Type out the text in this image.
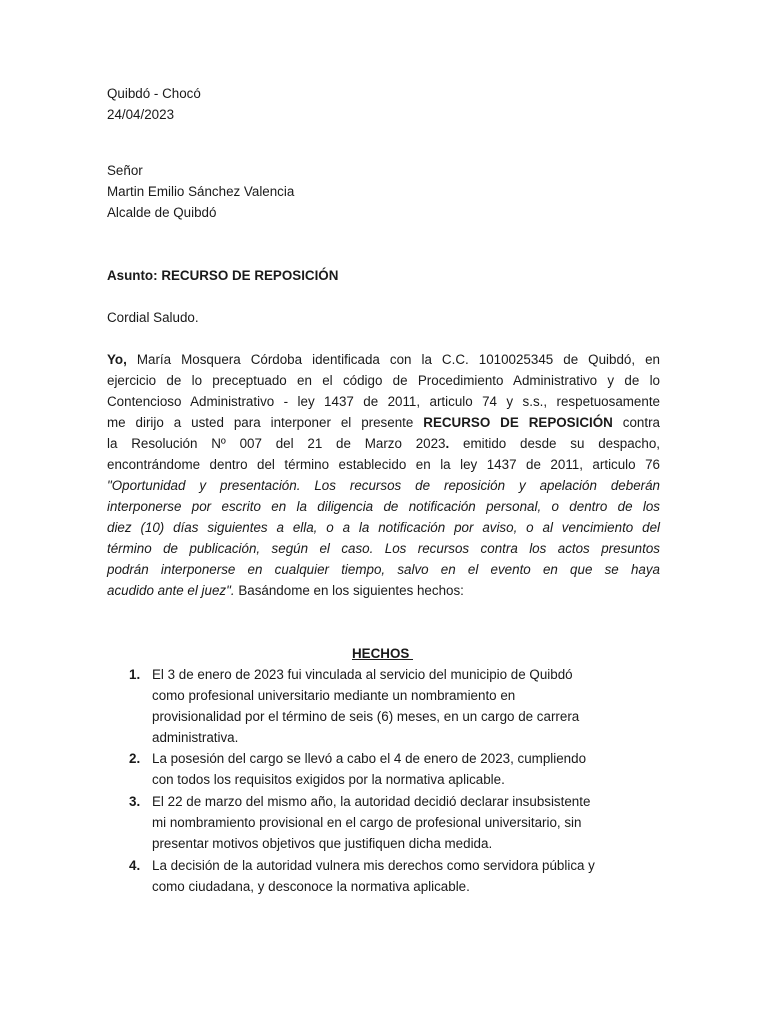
Quibdó - Chocó
24/04/2023
Señor
Martin Emilio Sánchez Valencia
Alcalde de Quibdó
Asunto: RECURSO DE REPOSICIÓN
Cordial Saludo.
Yo, María Mosquera Córdoba identificada con la C.C. 1010025345 de Quibdó, en
ejercicio de lo preceptuado en el código de Procedimiento Administrativo y de lo
Contencioso Administrativo - ley 1437 de 2011, articulo 74 y s.s., respetuosamente
me dirijo a usted para interponer el presente RECURSO DE REPOSICIÓN contra
la Resolución Nº 007 del 21 de Marzo 2023. emitido desde su despacho,
encontrándome dentro del término establecido en la ley 1437 de 2011, articulo 76
"Oportunidad y presentación. Los recursos de reposición y apelación deberán
interponerse por escrito en la diligencia de notificación personal, o dentro de los
diez (10) días siguientes a ella, o a la notificación por aviso, o al vencimiento del
término de publicación, según el caso. Los recursos contra los actos presuntos
podrán interponerse en cualquier tiempo, salvo en el evento en que se haya
acudido ante el juez". Basándome en los siguientes hechos:
HECHOS
1. El 3 de enero de 2023 fui vinculada al servicio del municipio de Quibdó
como profesional universitario mediante un nombramiento en
provisionalidad por el término de seis (6) meses, en un cargo de carrera
administrativa.
2. La posesión del cargo se llevó a cabo el 4 de enero de 2023, cumpliendo
con todos los requisitos exigidos por la normativa aplicable.
3. El 22 de marzo del mismo año, la autoridad decidió declarar insubsistente
mi nombramiento provisional en el cargo de profesional universitario, sin
presentar motivos objetivos que justifiquen dicha medida.
4. La decisión de la autoridad vulnera mis derechos como servidora pública y
como ciudadana, y desconoce la normativa aplicable.
